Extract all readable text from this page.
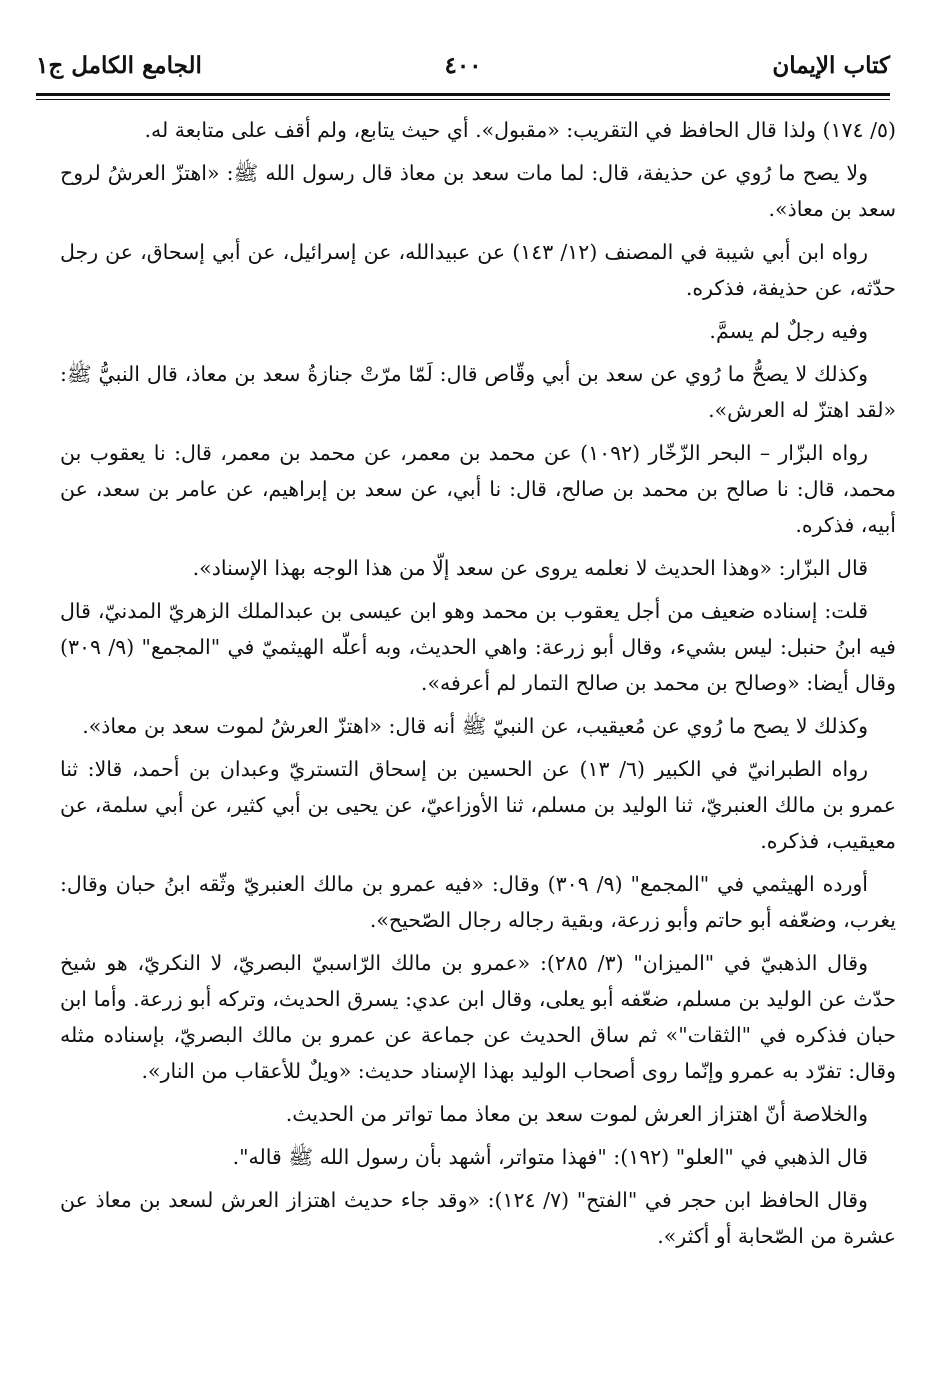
كتاب الإيمان
٤٠٠
الجامع الكامل ج١

(٥/ ١٧٤) ولذا قال الحافظ في التقريب: «مقبول». أي حيث يتابع، ولم أقف على متابعة له.

ولا يصح ما رُوي عن حذيفة، قال: لما مات سعد بن معاذ قال رسول الله ﷺ: «اهتزّ العرشُ لروح سعد بن معاذ».

رواه ابن أبي شيبة في المصنف (١٢/ ١٤٣) عن عبيدالله، عن إسرائيل، عن أبي إسحاق، عن رجل حدّثه، عن حذيفة، فذكره.

وفيه رجلٌ لم يسمَّ.

وكذلك لا يصحُّ ما رُوي عن سعد بن أبي وقّاص قال: لَمّا مرّتْ جنازةُ سعد بن معاذ، قال النبيُّ ﷺ: «لقد اهتزّ له العرش».

رواه البزّار – البحر الزّخّار (١٠٩٢) عن محمد بن معمر، عن محمد بن معمر، قال: نا يعقوب بن محمد، قال: نا صالح بن محمد بن صالح، قال: نا أبي، عن سعد بن إبراهيم، عن عامر بن سعد، عن أبيه، فذكره.

قال البزّار: «وهذا الحديث لا نعلمه يروى عن سعد إلّا من هذا الوجه بهذا الإسناد».

قلت: إسناده ضعيف من أجل يعقوب بن محمد وهو ابن عيسى بن عبدالملك الزهريّ المدنيّ، قال فيه ابنُ حنبل: ليس بشيء، وقال أبو زرعة: واهي الحديث، وبه أعلّه الهيثميّ في "المجمع" (٩/ ٣٠٩) وقال أيضا: «وصالح بن محمد بن صالح التمار لم أعرفه».

وكذلك لا يصح ما رُوي عن مُعيقيب، عن النبيّ ﷺ أنه قال: «اهتزّ العرشُ لموت سعد بن معاذ».

رواه الطبرانيّ في الكبير (٦/ ١٣) عن الحسين بن إسحاق التستريّ وعبدان بن أحمد، قالا: ثنا عمرو بن مالك العنبريّ، ثنا الوليد بن مسلم، ثنا الأوزاعيّ، عن يحيى بن أبي كثير، عن أبي سلمة، عن معيقيب، فذكره.

أورده الهيثمي في "المجمع" (٩/ ٣٠٩) وقال: «فيه عمرو بن مالك العنبريّ وثّقه ابنُ حبان وقال: يغرب، وضعّفه أبو حاتم وأبو زرعة، وبقية رجاله رجال الصّحيح».

وقال الذهبيّ في "الميزان" (٣/ ٢٨٥): «عمرو بن مالك الرّاسبيّ البصريّ، لا النكريّ، هو شيخ حدّث عن الوليد بن مسلم، ضعّفه أبو يعلى، وقال ابن عدي: يسرق الحديث، وتركه أبو زرعة. وأما ابن حبان فذكره في "الثقات"» ثم ساق الحديث عن جماعة عن عمرو بن مالك البصريّ، بإسناده مثله وقال: تفرّد به عمرو وإنّما روى أصحاب الوليد بهذا الإسناد حديث: «ويلٌ للأعقاب من النار».

والخلاصة أنّ اهتزاز العرش لموت سعد بن معاذ مما تواتر من الحديث.

قال الذهبي في "العلو" (١٩٢): "فهذا متواتر، أشهد بأن رسول الله ﷺ قاله".

وقال الحافظ ابن حجر في "الفتح" (٧/ ١٢٤): «وقد جاء حديث اهتزاز العرش لسعد بن معاذ عن عشرة من الصّحابة أو أكثر».
